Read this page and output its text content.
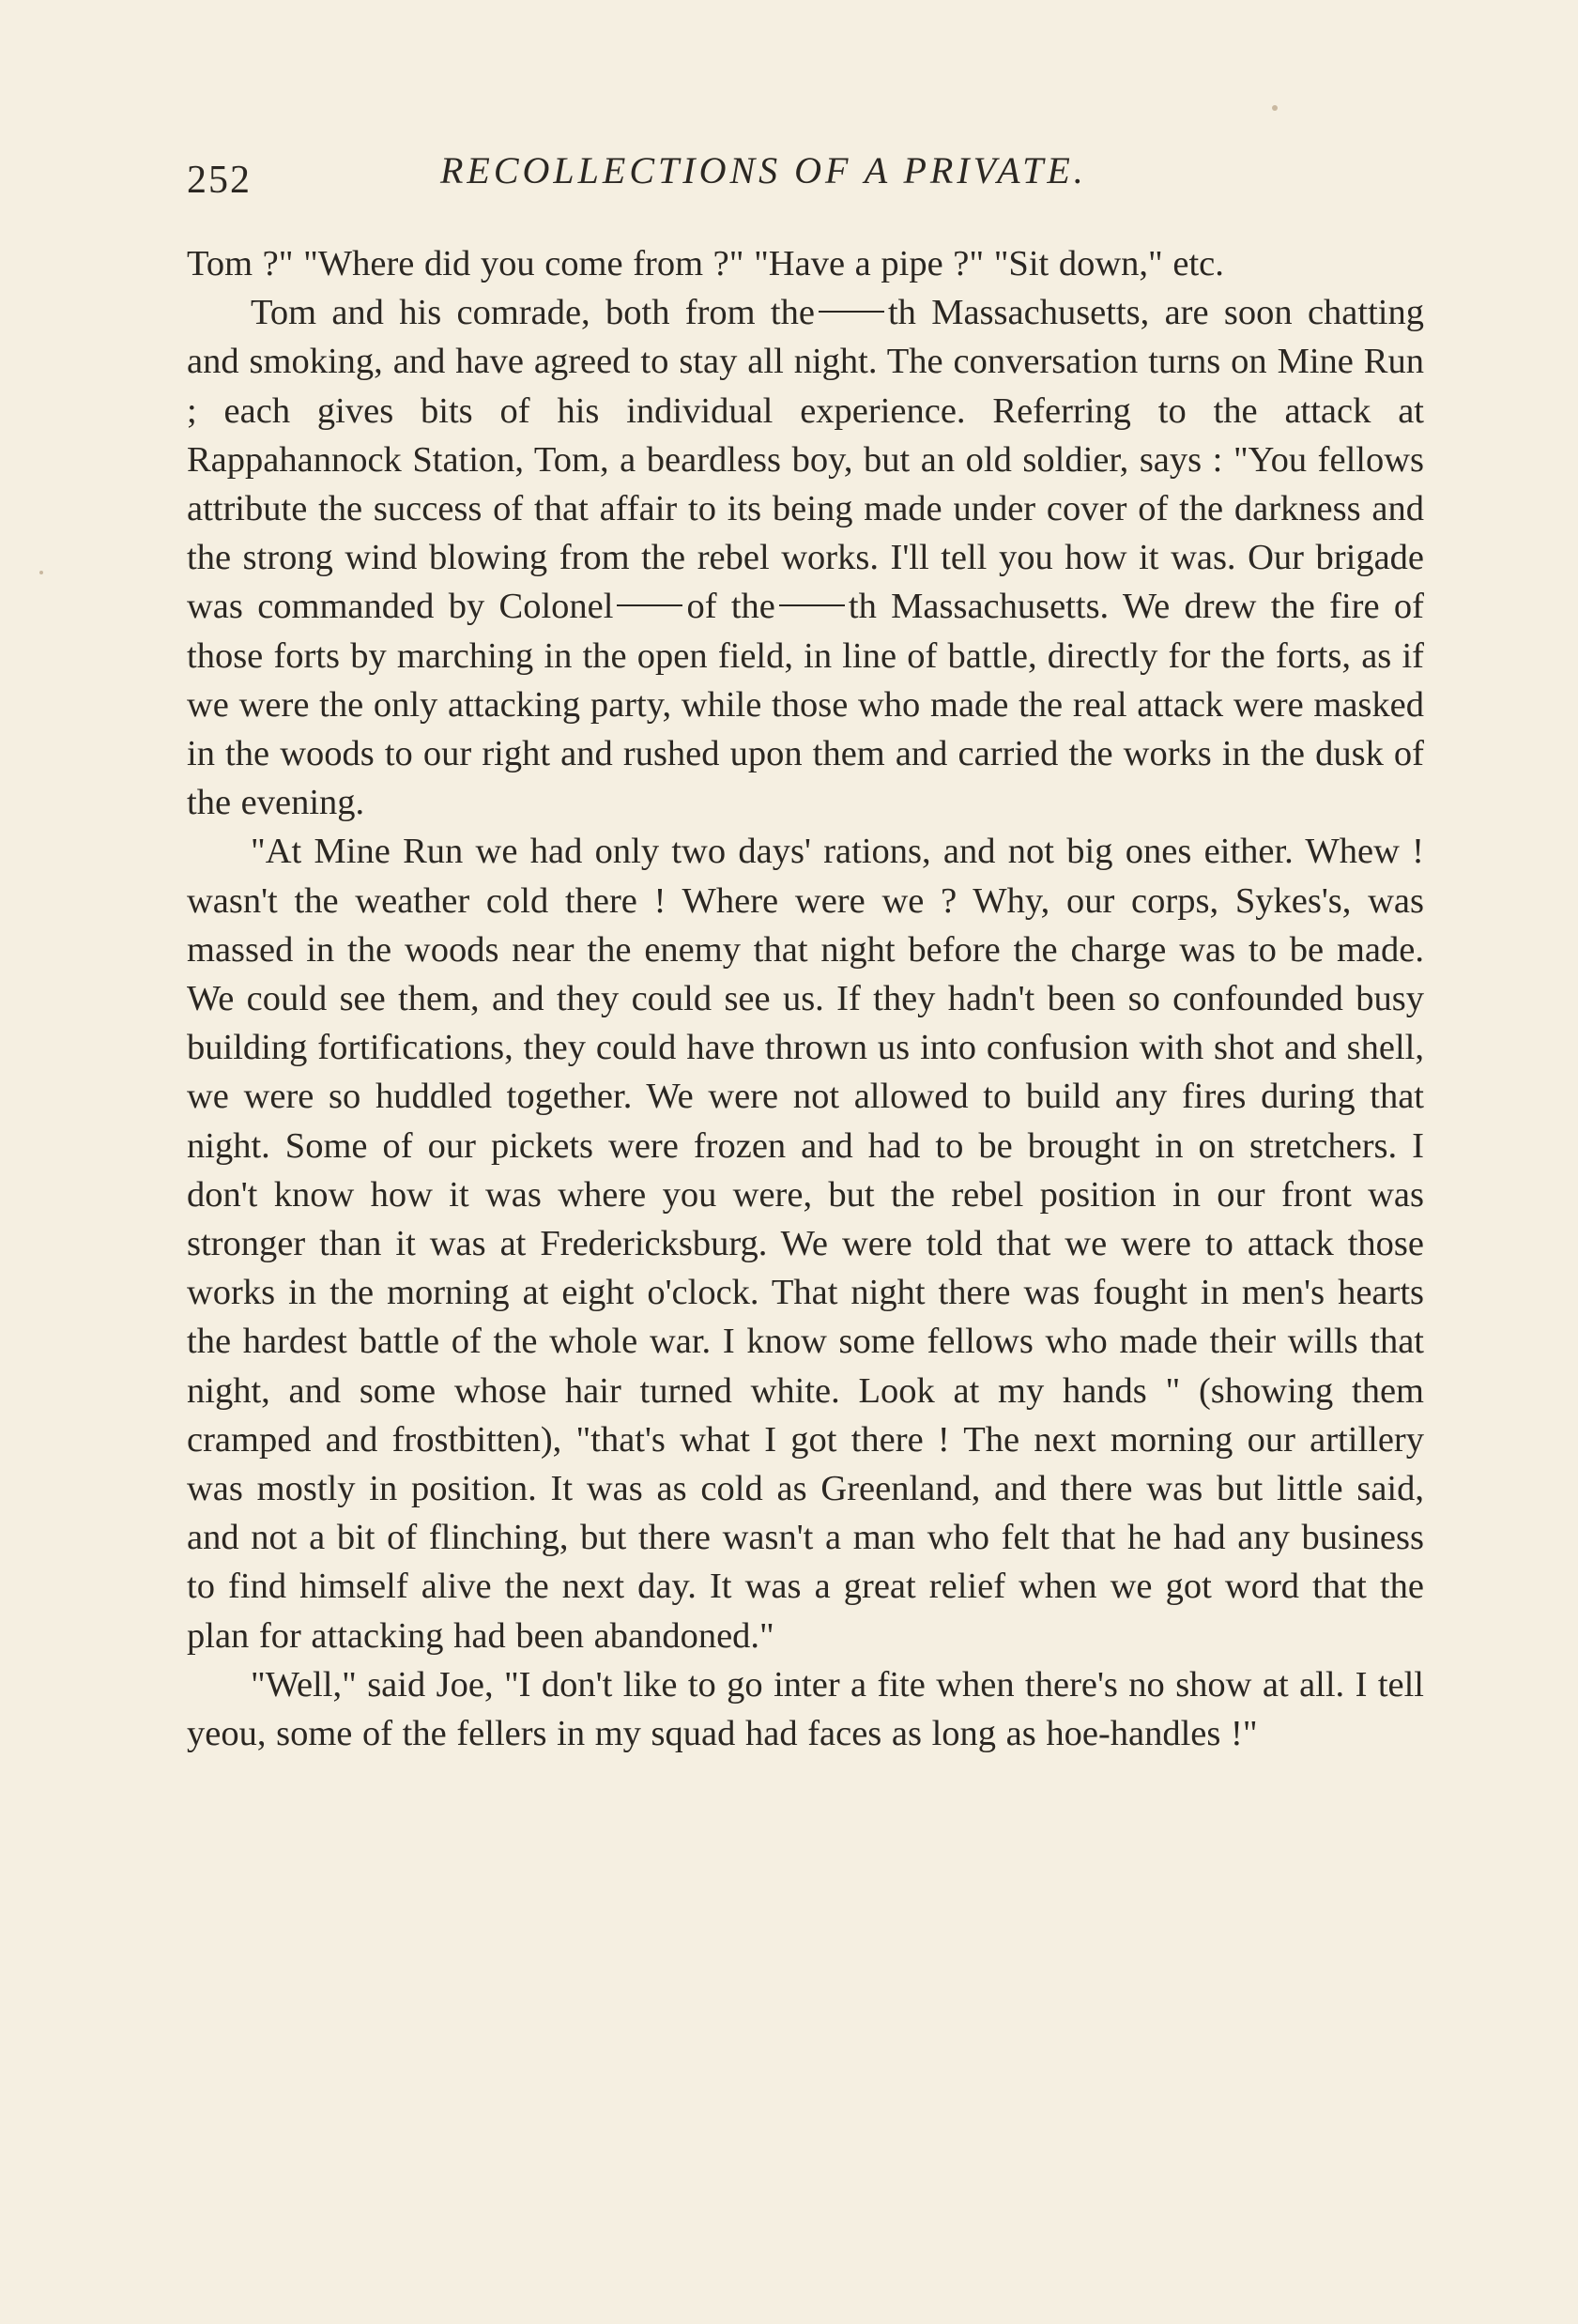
252	RECOLLECTIONS OF A PRIVATE.

Tom ?" "Where did you come from ?" "Have a pipe ?" "Sit down," etc.

Tom and his comrade, both from the th Massachusetts, are soon chatting and smoking, and have agreed to stay all night. The conversation turns on Mine Run ; each gives bits of his individual experience. Referring to the attack at Rappahannock Station, Tom, a beardless boy, but an old soldier, says : "You fellows attribute the success of that affair to its being made under cover of the darkness and the strong wind blowing from the rebel works. I'll tell you how it was. Our brigade was commanded by Colonel of the th Massachusetts. We drew the fire of those forts by marching in the open field, in line of battle, directly for the forts, as if we were the only attacking party, while those who made the real attack were masked in the woods to our right and rushed upon them and carried the works in the dusk of the evening.

"At Mine Run we had only two days' rations, and not big ones either. Whew ! wasn't the weather cold there ! Where were we ? Why, our corps, Sykes's, was massed in the woods near the enemy that night before the charge was to be made. We could see them, and they could see us. If they hadn't been so confounded busy building fortifications, they could have thrown us into confusion with shot and shell, we were so huddled together. We were not allowed to build any fires during that night. Some of our pickets were frozen and had to be brought in on stretchers. I don't know how it was where you were, but the rebel position in our front was stronger than it was at Fredericksburg. We were told that we were to attack those works in the morning at eight o'clock. That night there was fought in men's hearts the hardest battle of the whole war. I know some fellows who made their wills that night, and some whose hair turned white. Look at my hands " (showing them cramped and frostbitten), "that's what I got there ! The next morning our artillery was mostly in position. It was as cold as Greenland, and there was but little said, and not a bit of flinching, but there wasn't a man who felt that he had any business to find himself alive the next day. It was a great relief when we got word that the plan for attacking had been abandoned."

"Well," said Joe, "I don't like to go inter a fite when there's no show at all. I tell yeou, some of the fellers in my squad had faces as long as hoe-handles !"
